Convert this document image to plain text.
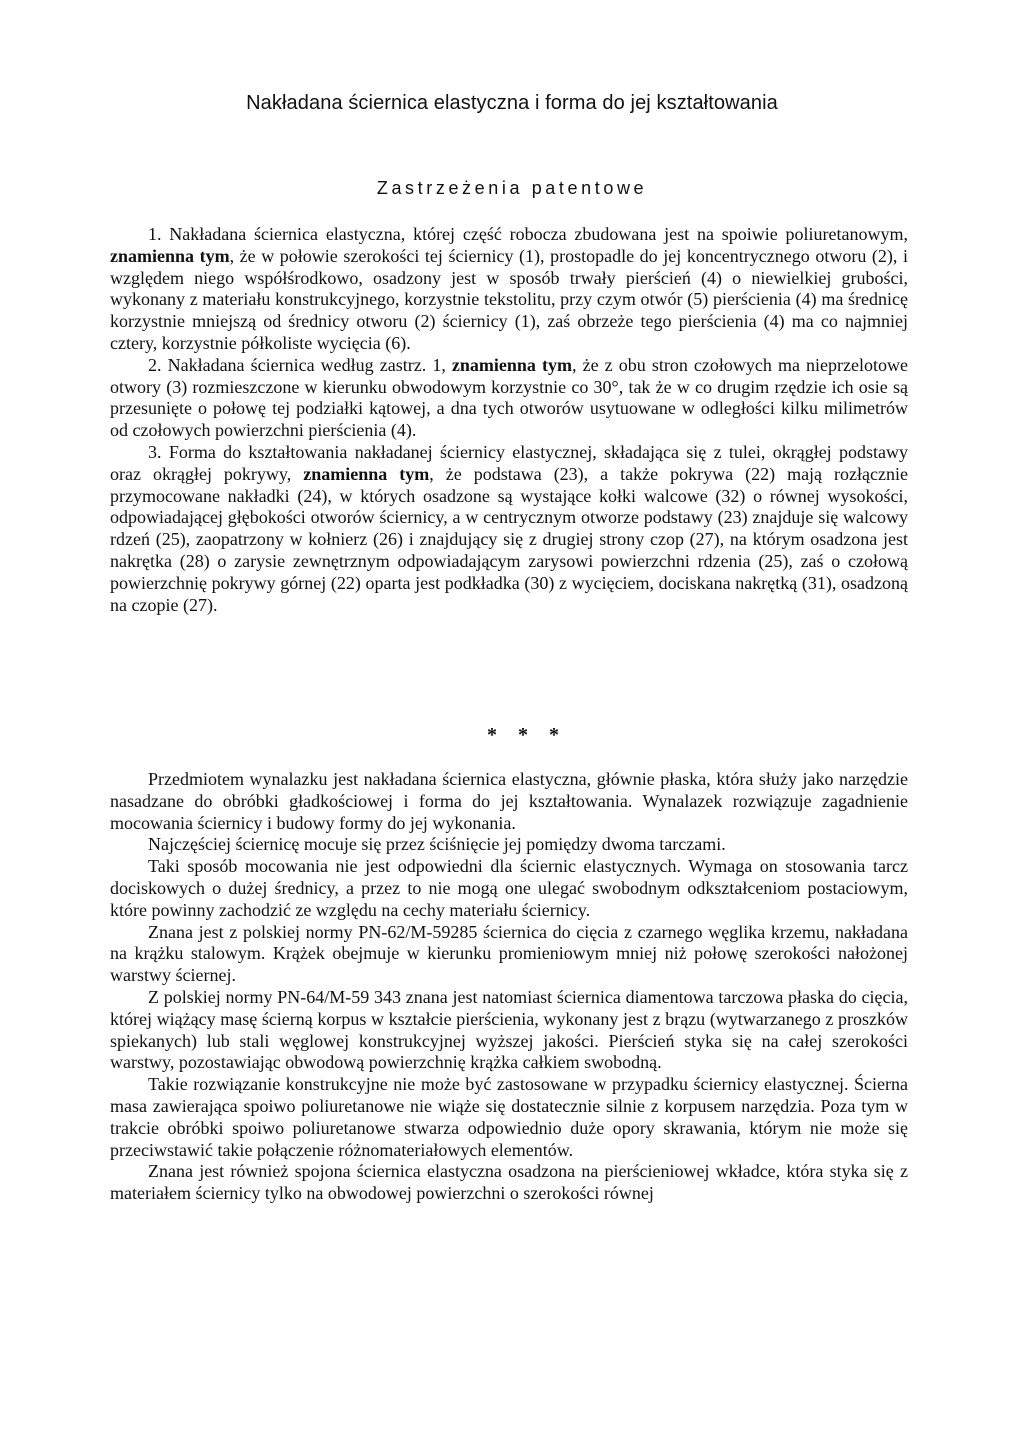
Nakładana ściernica elastyczna i forma do jej kształtowania
Zastrzeżenia patentowe

1. Nakładana ściernica elastyczna, której część robocza zbudowana jest na spoiwie poliuretanowym, znamienna tym, że w połowie szerokości tej ściernicy (1), prostopadle do jej koncentrycznego otworu (2), i względem niego współśrodkowo, osadzony jest w sposób trwały pierścień (4) o niewielkiej grubości, wykonany z materiału konstrukcyjnego, korzystnie tekstolitu, przy czym otwór (5) pierścienia (4) ma średnicę korzystnie mniejszą od średnicy otworu (2) ściernicy (1), zaś obrzeże tego pierścienia (4) ma co najmniej cztery, korzystnie półkoliste wycięcia (6).

2. Nakładana ściernica według zastrz. 1, znamienna tym, że z obu stron czołowych ma nieprzelotowe otwory (3) rozmieszczone w kierunku obwodowym korzystnie co 30°, tak że w co drugim rzędzie ich osie są przesunięte o połowę tej podziałki kątowej, a dna tych otworów usytuowane w odległości kilku milimetrów od czołowych powierzchni pierścienia (4).

3. Forma do kształtowania nakładanej ściernicy elastycznej, składająca się z tulei, okrągłej podstawy oraz okrągłej pokrywy, znamienna tym, że podstawa (23), a także pokrywa (22) mają rozłącznie przymocowane nakładki (24), w których osadzone są wystające kołki walcowe (32) o równej wysokości, odpowiadającej głębokości otworów ściernicy, a w centrycznym otworze podstawy (23) znajduje się walcowy rdzeń (25), zaopatrzony w kołnierz (26) i znajdujący się z drugiej strony czop (27), na którym osadzona jest nakrętka (28) o zarysie zewnętrznym odpowiadającym zarysowi powierzchni rdzenia (25), zaś o czołową powierzchnię pokrywy górnej (22) oparta jest podkładka (30) z wycięciem, dociskana nakrętką (31), osadzoną na czopie (27).

* * *

Przedmiotem wynalazku jest nakładana ściernica elastyczna, głównie płaska, która służy jako narzędzie nasadzane do obróbki gładkościowej i forma do jej kształtowania. Wynalazek rozwiązuje zagadnienie mocowania ściernicy i budowy formy do jej wykonania.

Najczęściej ściernicę mocuje się przez ściśnięcie jej pomiędzy dwoma tarczami.

Taki sposób mocowania nie jest odpowiedni dla ściernic elastycznych. Wymaga on stosowania tarcz dociskowych o dużej średnicy, a przez to nie mogą one ulegać swobodnym odkształceniom postaciowym, które powinny zachodzić ze względu na cechy materiału ściernicy.

Znana jest z polskiej normy PN-62/M-59285 ściernica do cięcia z czarnego węglika krzemu, nakładana na krążku stalowym. Krążek obejmuje w kierunku promieniowym mniej niż połowę szerokości nałożonej warstwy ściernej.

Z polskiej normy PN-64/M-59 343 znana jest natomiast ściernica diamentowa tarczowa płaska do cięcia, której wiążący masę ścierną korpus w kształcie pierścienia, wykonany jest z brązu (wytwarzanego z proszków spiekanych) lub stali węglowej konstrukcyjnej wyższej jakości. Pierścień styka się na całej szerokości warstwy, pozostawiając obwodową powierzchnię krążka całkiem swobodną.

Takie rozwiązanie konstrukcyjne nie może być zastosowane w przypadku ściernicy elastycznej. Ścierna masa zawierająca spoiwo poliuretanowe nie wiąże się dostatecznie silnie z korpusem narzędzia. Poza tym w trakcie obróbki spoiwo poliuretanowe stwarza odpowiednio duże opory skrawania, którym nie może się przeciwstawić takie połączenie różnomateriałowych elementów.

Znana jest również spojona ściernica elastyczna osadzona na pierścieniowej wkładce, która styka się z materiałem ściernicy tylko na obwodowej powierzchni o szerokości równej
